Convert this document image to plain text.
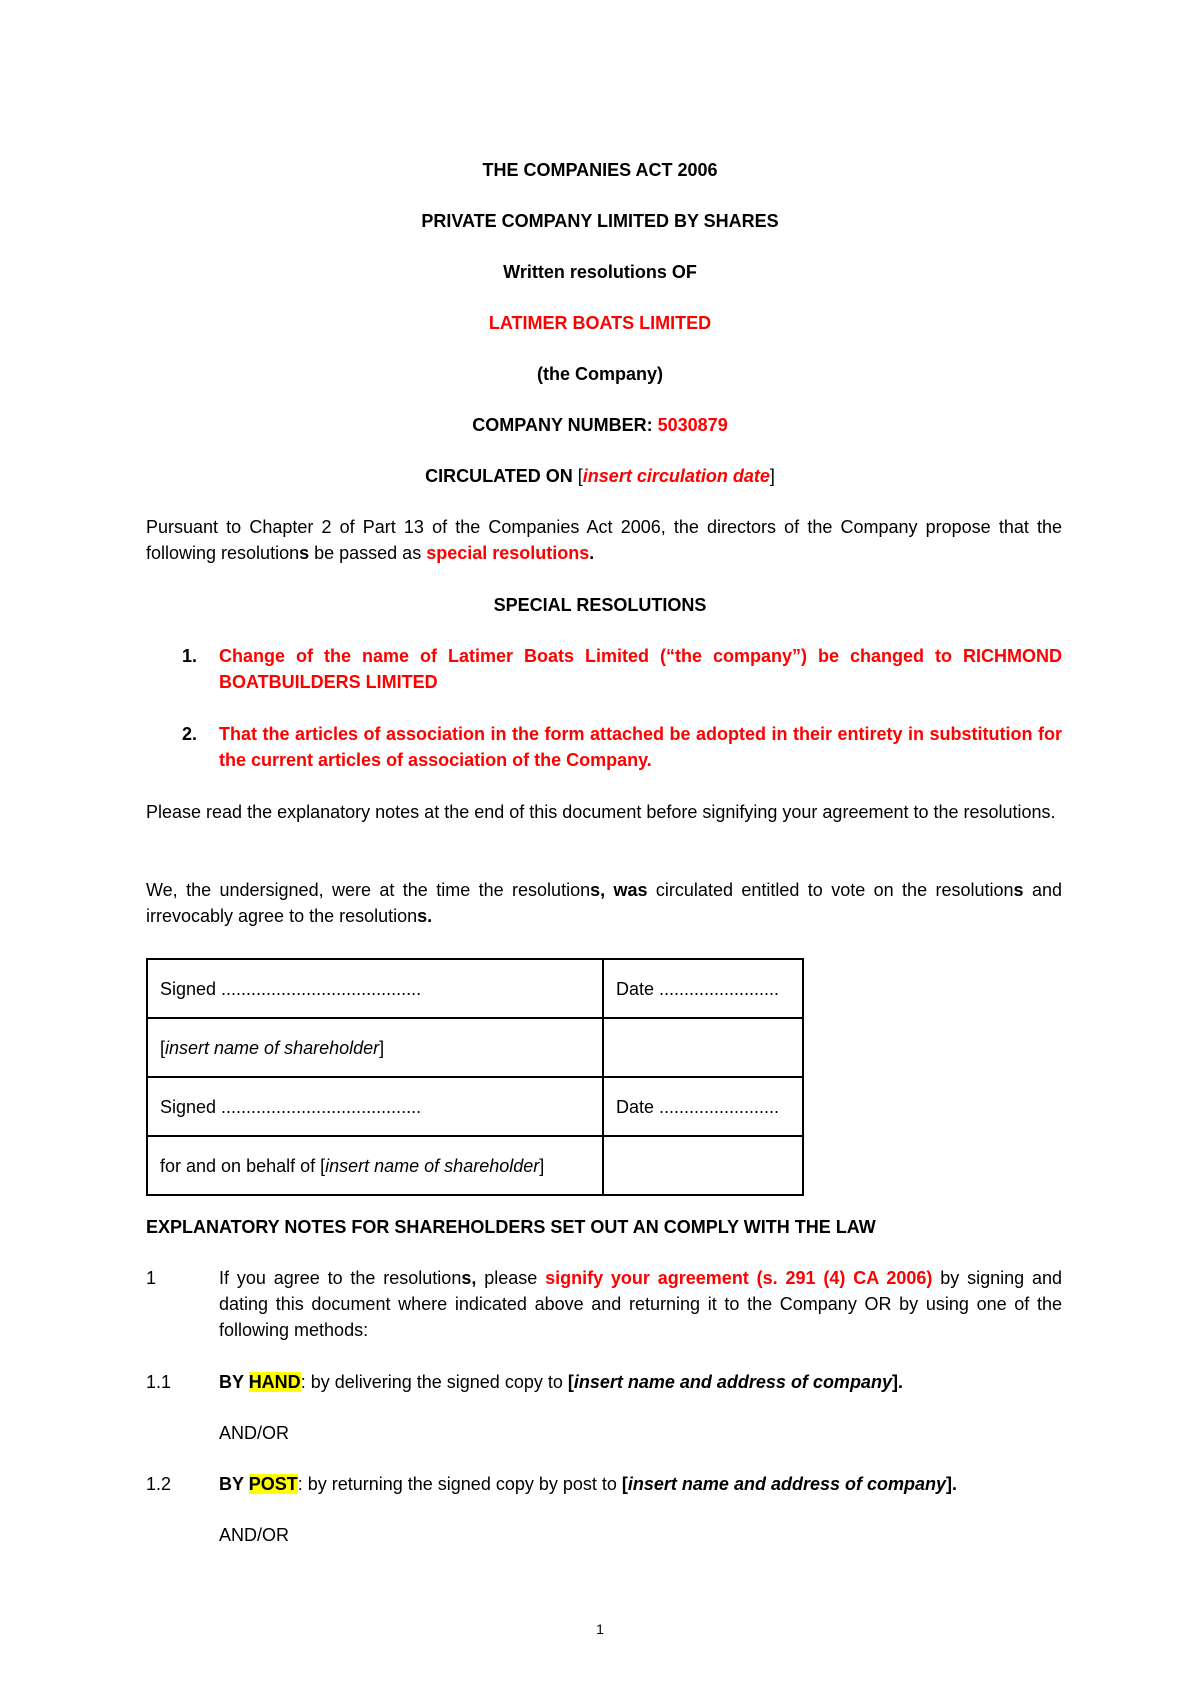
THE COMPANIES ACT 2006
PRIVATE COMPANY LIMITED BY SHARES
Written resolutions OF
LATIMER BOATS LIMITED
(the Company)
COMPANY NUMBER: 5030879
CIRCULATED ON [insert circulation date]
Pursuant to Chapter 2 of Part 13 of the Companies Act 2006, the directors of the Company propose that the following resolutions be passed as special resolutions.
SPECIAL RESOLUTIONS
1. Change of the name of Latimer Boats Limited (“the company”) be changed to RICHMOND BOATBUILDERS LIMITED
2. That the articles of association in the form attached be adopted in their entirety in substitution for the current articles of association of the Company.
Please read the explanatory notes at the end of this document before signifying your agreement to the resolutions.
We, the undersigned, were at the time the resolutions, was circulated entitled to vote on the resolutions and irrevocably agree to the resolutions.
Signed ........................................	Date ........................
[insert name of shareholder]	
Signed ........................................	Date ........................
for and on behalf of [insert name of shareholder]	
EXPLANATORY NOTES FOR SHAREHOLDERS SET OUT AN COMPLY WITH THE LAW
1	If you agree to the resolutions, please signify your agreement (s. 291 (4) CA 2006) by signing and dating this document where indicated above and returning it to the Company OR by using one of the following methods:
1.1	BY HAND: by delivering the signed copy to [insert name and address of company].
AND/OR
1.2	BY POST: by returning the signed copy by post to [insert name and address of company].
AND/OR
1
